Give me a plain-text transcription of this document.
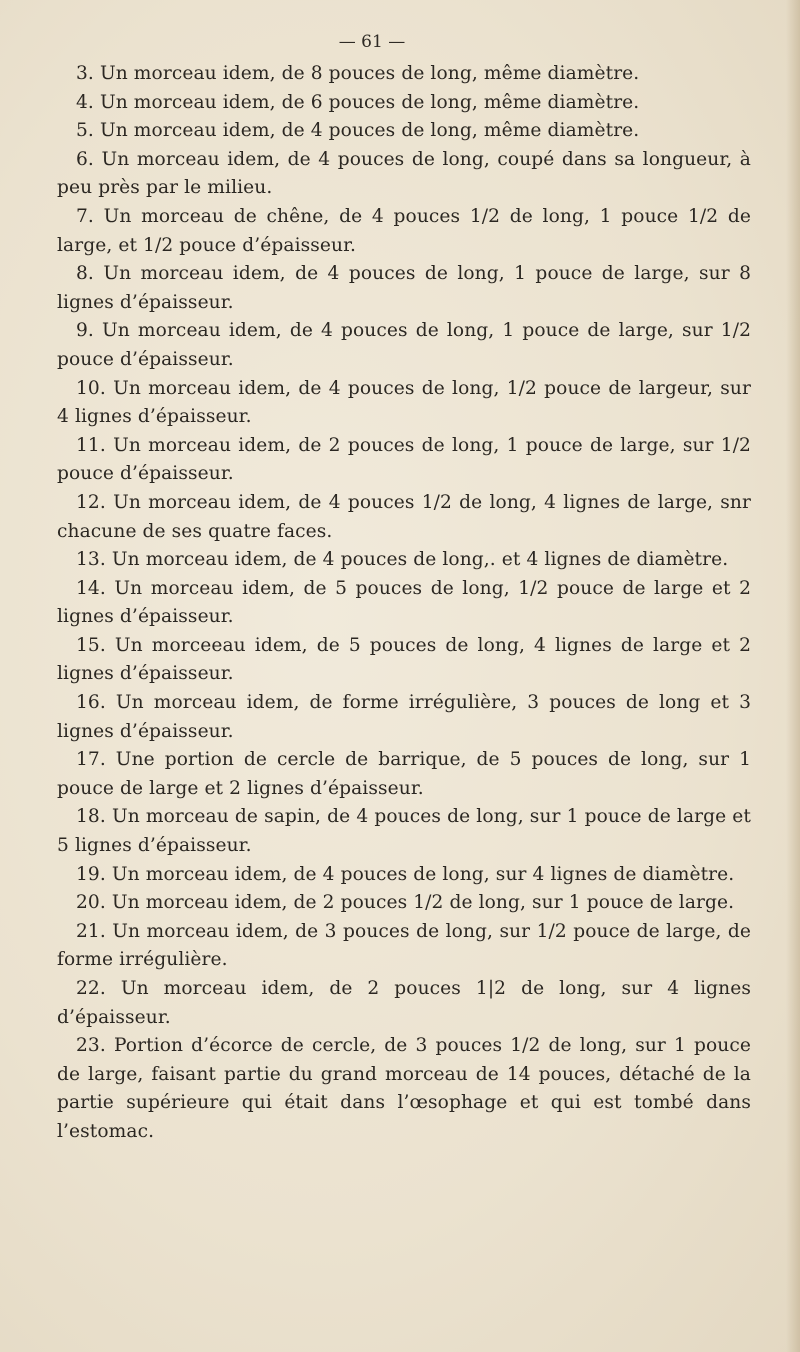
— 61 —

3. Un morceau idem, de 8 pouces de long, même diamètre.

4. Un morceau idem, de 6 pouces de long, même diamètre.

5. Un morceau idem, de 4 pouces de long, même diamètre.

6. Un morceau idem, de 4 pouces de long, coupé dans sa longueur, à peu près par le milieu.

7. Un morceau de chêne, de 4 pouces 1/2 de long, 1 pouce 1/2 de large, et 1/2 pouce d’épaisseur.

8. Un morceau idem, de 4 pouces de long, 1 pouce de large, sur 8 lignes d’épaisseur.

9. Un morceau idem, de 4 pouces de long, 1 pouce de large, sur 1/2 pouce d’épaisseur.

10. Un morceau idem, de 4 pouces de long, 1/2 pouce de largeur, sur 4 lignes d’épaisseur.

11. Un morceau idem, de 2 pouces de long, 1 pouce de large, sur 1/2 pouce d’épaisseur.

12. Un morceau idem, de 4 pouces 1/2 de long, 4 lignes de large, snr chacune de ses quatre faces.

13. Un morceau idem, de 4 pouces de long,. et 4 lignes de diamètre.

14. Un morceau idem, de 5 pouces de long, 1/2 pouce de large et 2 lignes d’épaisseur.

15. Un morceeau idem, de 5 pouces de long, 4 lignes de large et 2 lignes d’épaisseur.

16. Un morceau idem, de forme irrégulière, 3 pouces de long et 3 lignes d’épaisseur.

17. Une portion de cercle de barrique, de 5 pouces de long, sur 1 pouce de large et 2 lignes d’épaisseur.

18. Un morceau de sapin, de 4 pouces de long, sur 1 pouce de large et 5 lignes d’épaisseur.

19. Un morceau idem, de 4 pouces de long, sur 4 lignes de diamètre.

20. Un morceau idem, de 2 pouces 1/2 de long, sur 1 pouce de large.

21. Un morceau idem, de 3 pouces de long, sur 1/2 pouce de large, de forme irrégulière.

22. Un morceau idem, de 2 pouces 1|2 de long, sur 4 lignes d’épaisseur.

23. Portion d’écorce de cercle, de 3 pouces 1/2 de long, sur 1 pouce de large, faisant partie du grand morceau de 14 pouces, détaché de la partie supérieure qui était dans l’œsophage et qui est tombé dans l’estomac.
